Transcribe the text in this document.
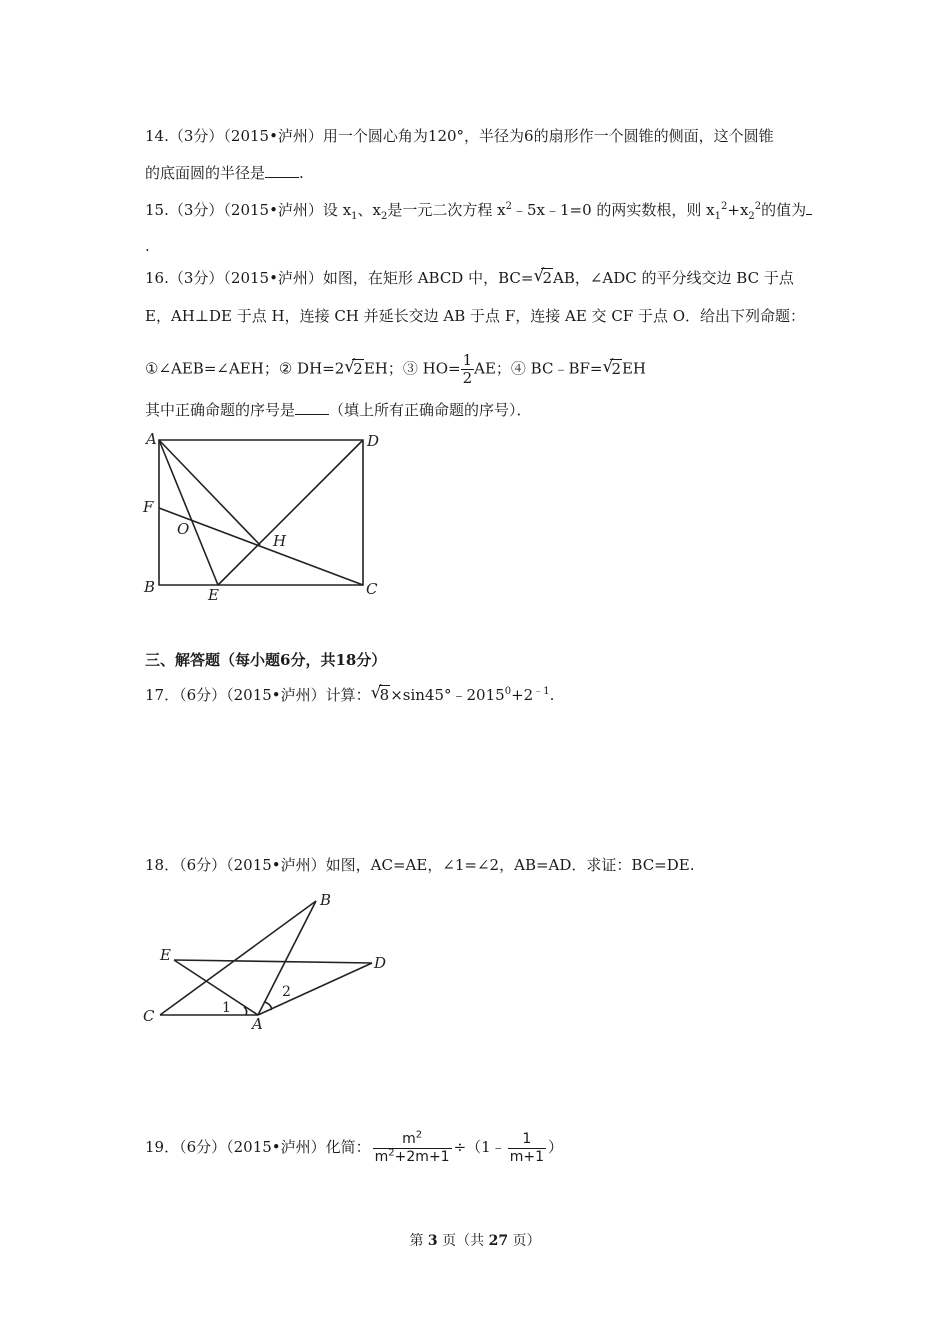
14.（3分）（2015•泸州）用一个圆心角为120°，半径为6的扇形作一个圆锥的侧面，这个圆锥
的底面圆的半径是 .
15.（3分）（2015•泸州）设 $x_1$、$x_2$是一元二次方程 $x^2﹣5x﹣1=0$ 的两实数根，则 $x_1^2+x_2^2$的值为
.
16.（3分）（2015•泸州）如图，在矩形 ABCD 中，BC= √
2AB，∠ADC 的平分线交边 BC 于点
E，AH⊥DE 于点 H，连接 CH 并延长交边 AB 于点 F，连接 AE 交 CF 于点 O．给出下列命题：
①∠AEB=∠AEH；② DH=2 √
2EH；③ $HO= \frac{1}{2}$ AE；④ BC﹣BF= √
2EH
其中正确命题的序号是 （填上所有正确命题的序号）．
A	D
F
O
H
B	E	C
三、解答题（每小题6分，共18分）
17．（6分）（2015•泸州）计算： √
$8\times\sin 45^\circ﹣2015^0+2^{﹣1}$.
18．（6分）（2015•泸州）如图，AC=AE，∠1=∠2，AB=AD．求证：BC=DE.
B
E	D
C	1
A
2
19．（6分）（2015•泸州）化简： $\frac{m^2}{m^2+2m+1}$ ÷（1﹣ $\frac{1}{m+1}$ ）
第 3 页（共 27 页）
